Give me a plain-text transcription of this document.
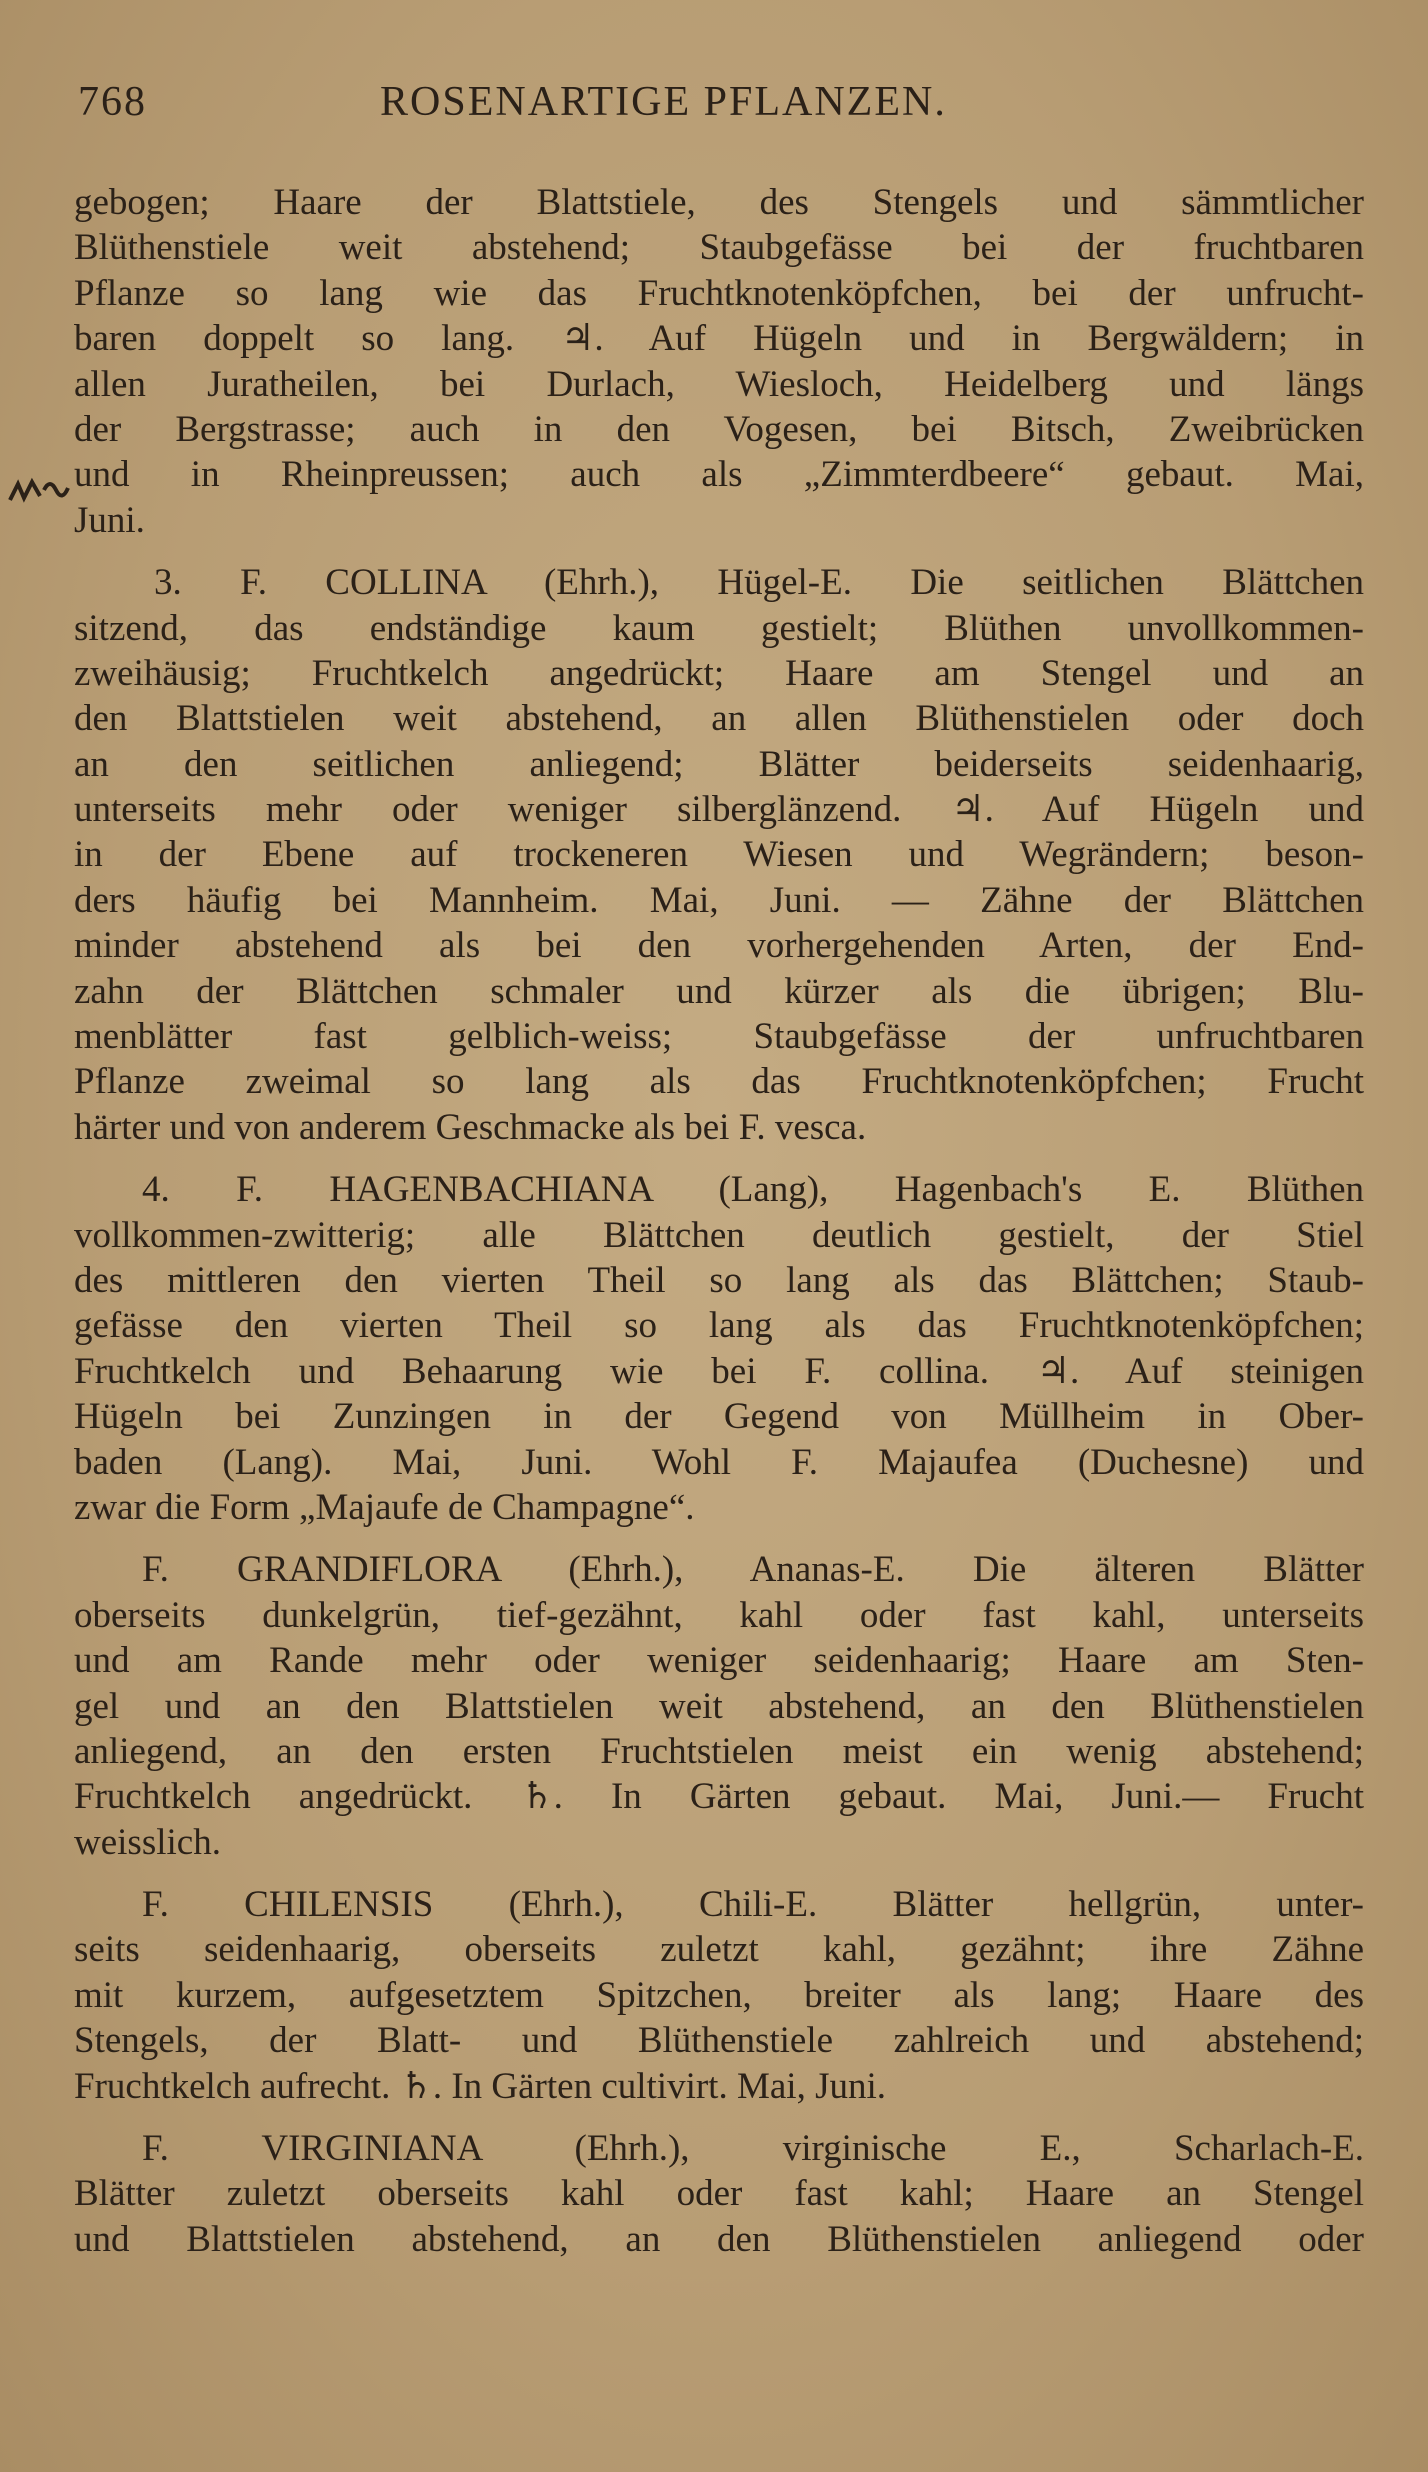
768	ROSENARTIGE PFLANZEN.
gebogen; Haare der Blattstiele, des Stengels und sämmtlicher
Blüthenstiele weit abstehend; Staubgefässe bei der fruchtbaren
Pflanze so lang wie das Fruchtknotenköpfchen, bei der unfrucht-
baren doppelt so lang. ♃. Auf Hügeln und in Bergwäldern; in
allen Juratheilen, bei Durlach, Wiesloch, Heidelberg und längs
der Bergstrasse; auch in den Vogesen, bei Bitsch, Zweibrücken
und in Rheinpreussen; auch als „Zimmterdbeere“ gebaut. Mai,
Juni.
3. F. COLLINA (Ehrh.), Hügel-E. Die seitlichen Blättchen
sitzend, das endständige kaum gestielt; Blüthen unvollkommen-
zweihäusig; Fruchtkelch angedrückt; Haare am Stengel und an
den Blattstielen weit abstehend, an allen Blüthenstielen oder doch
an den seitlichen anliegend; Blätter beiderseits seidenhaarig,
unterseits mehr oder weniger silberglänzend. ♃. Auf Hügeln und
in der Ebene auf trockeneren Wiesen und Wegrändern; beson-
ders häufig bei Mannheim. Mai, Juni. — Zähne der Blättchen
minder abstehend als bei den vorhergehenden Arten, der End-
zahn der Blättchen schmaler und kürzer als die übrigen; Blu-
menblätter fast gelblich-weiss; Staubgefässe der unfruchtbaren
Pflanze zweimal so lang als das Fruchtknotenköpfchen; Frucht
härter und von anderem Geschmacke als bei F. vesca.
4. F. HAGENBACHIANA (Lang), Hagenbach's E. Blüthen
vollkommen-zwitterig; alle Blättchen deutlich gestielt, der Stiel
des mittleren den vierten Theil so lang als das Blättchen; Staub-
gefässe den vierten Theil so lang als das Fruchtknotenköpfchen;
Fruchtkelch und Behaarung wie bei F. collina. ♃. Auf steinigen
Hügeln bei Zunzingen in der Gegend von Müllheim in Ober-
baden (Lang). Mai, Juni. Wohl F. Majaufea (Duchesne) und
zwar die Form „Majaufe de Champagne“.
F. GRANDIFLORA (Ehrh.), Ananas-E. Die älteren Blätter
oberseits dunkelgrün, tief-gezähnt, kahl oder fast kahl, unterseits
und am Rande mehr oder weniger seidenhaarig; Haare am Sten-
gel und an den Blattstielen weit abstehend, an den Blüthenstielen
anliegend, an den ersten Fruchtstielen meist ein wenig abstehend;
Fruchtkelch angedrückt. ♄. In Gärten gebaut. Mai, Juni.— Frucht
weisslich.
F. CHILENSIS (Ehrh.), Chili-E. Blätter hellgrün, unter-
seits seidenhaarig, oberseits zuletzt kahl, gezähnt; ihre Zähne
mit kurzem, aufgesetztem Spitzchen, breiter als lang; Haare des
Stengels, der Blatt- und Blüthenstiele zahlreich und abstehend;
Fruchtkelch aufrecht. ♄. In Gärten cultivirt. Mai, Juni.
F. VIRGINIANA (Ehrh.), virginische E., Scharlach-E.
Blätter zuletzt oberseits kahl oder fast kahl; Haare an Stengel
und Blattstielen abstehend, an den Blüthenstielen anliegend oder
